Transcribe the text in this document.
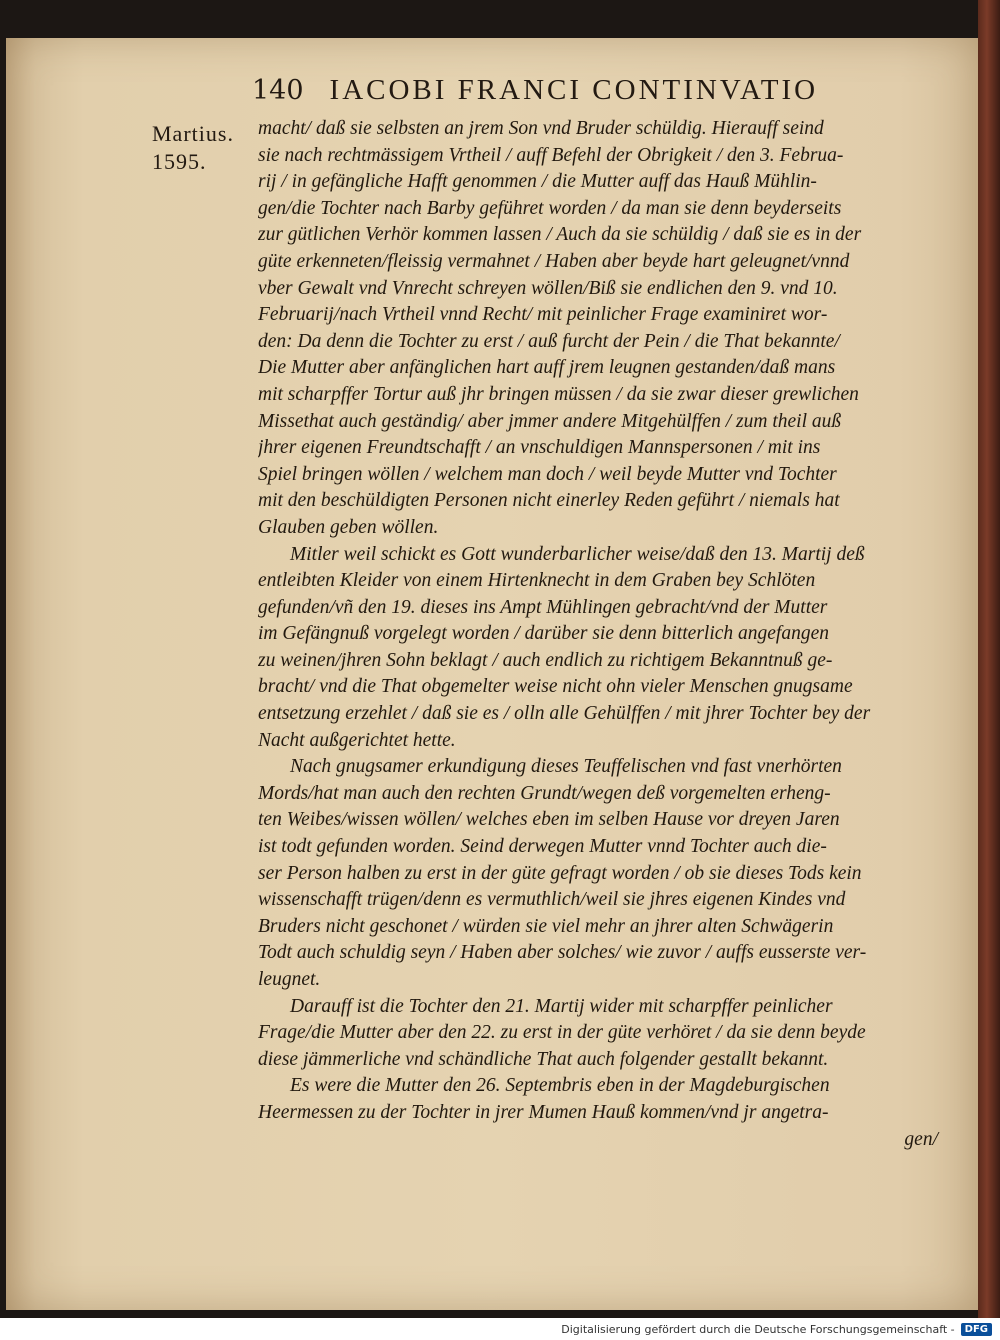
140 IACOBI FRANCI CONTINVATIO
Martius.
1595.
macht/ daß sie selbsten an jrem Son vnd Bruder schüldig. Hierauff seind
sie nach rechtmässigem Vrtheil / auff Befehl der Obrigkeit / den 3. Februa-
rij / in gefängliche Hafft genommen / die Mutter auff das Hauß Mühlin-
gen/die Tochter nach Barby geführet worden / da man sie denn beyderseits
zur gütlichen Verhör kommen lassen / Auch da sie schüldig / daß sie es in der
güte erkenneten/fleissig vermahnet / Haben aber beyde hart geleugnet/vnnd
vber Gewalt vnd Vnrecht schreyen wöllen/Biß sie endlichen den 9. vnd 10.
Februarij/nach Vrtheil vnnd Recht/ mit peinlicher Frage examiniret wor-
den: Da denn die Tochter zu erst / auß furcht der Pein / die That bekannte/
Die Mutter aber anfänglichen hart auff jrem leugnen gestanden/daß mans
mit scharpffer Tortur auß jhr bringen müssen / da sie zwar dieser grewlichen
Missethat auch geständig/ aber jmmer andere Mitgehülffen / zum theil auß
jhrer eigenen Freundtschafft / an vnschuldigen Mannspersonen / mit ins
Spiel bringen wöllen / welchem man doch / weil beyde Mutter vnd Tochter
mit den beschüldigten Personen nicht einerley Reden geführt / niemals hat
Glauben geben wöllen.
Mitler weil schickt es Gott wunderbarlicher weise/daß den 13. Martij deß
entleibten Kleider von einem Hirtenknecht in dem Graben bey Schlöten
gefunden/vñ den 19. dieses ins Ampt Mühlingen gebracht/vnd der Mutter
im Gefängnuß vorgelegt worden / darüber sie denn bitterlich angefangen
zu weinen/jhren Sohn beklagt / auch endlich zu richtigem Bekanntnuß ge-
bracht/ vnd die That obgemelter weise nicht ohn vieler Menschen gnugsame
entsetzung erzehlet / daß sie es / olln alle Gehülffen / mit jhrer Tochter bey der
Nacht außgerichtet hette.
Nach gnugsamer erkundigung dieses Teuffelischen vnd fast vnerhörten
Mords/hat man auch den rechten Grundt/wegen deß vorgemelten erheng-
ten Weibes/wissen wöllen/ welches eben im selben Hause vor dreyen Jaren
ist todt gefunden worden. Seind derwegen Mutter vnnd Tochter auch die-
ser Person halben zu erst in der güte gefragt worden / ob sie dieses Tods kein
wissenschafft trügen/denn es vermuthlich/weil sie jhres eigenen Kindes vnd
Bruders nicht geschonet / würden sie viel mehr an jhrer alten Schwägerin
Todt auch schuldig seyn / Haben aber solches/ wie zuvor / auffs eusserste ver-
leugnet.
Darauff ist die Tochter den 21. Martij wider mit scharpffer peinlicher
Frage/die Mutter aber den 22. zu erst in der güte verhöret / da sie denn beyde
diese jämmerliche vnd schändliche That auch folgender gestallt bekannt.
Es were die Mutter den 26. Septembris eben in der Magdeburgischen
Heermessen zu der Tochter in jrer Mumen Hauß kommen/vnd jr angetra-
gen/
Digitalisierung gefördert durch die Deutsche Forschungsgemeinschaft -	DFG
